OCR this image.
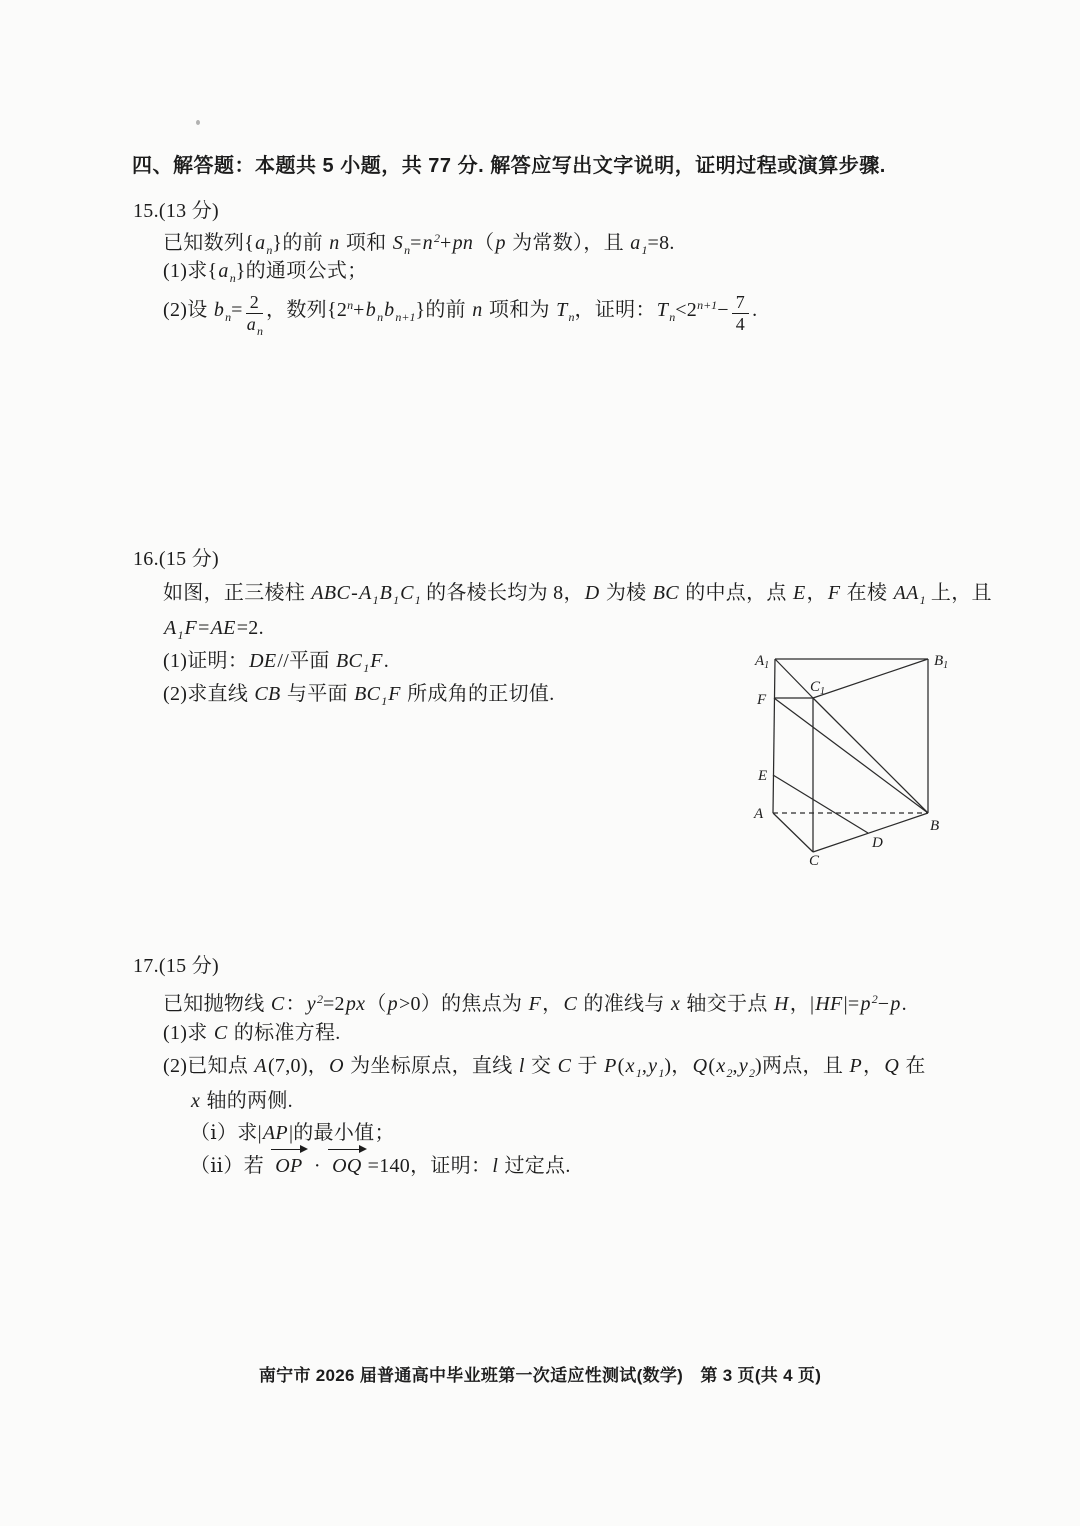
$A_1$	$B_1$
$C_1$
F
E
A
B
D
C
四、解答题：本题共 5 小题，共 77 分. 解答应写出文字说明，证明过程或演算步骤.
15.(13 分)
已知数列$\{a_n\}$的前 n 项和 $S_n=n^2+pn(p$ 为常数），且 $a_1=8$.
(1)求$\{a_n\}$的通项公式；
(2)设 $b_n= \frac{2}{a_n}$ ，数列$\{2^n+b_nb_{n+1}\}$的前 n 项和为 $T_n$，证明：$T_n<2^{n+1}- \frac{7}{4}$ .
16.(15 分)
如图，正三棱柱 ABC-$A_1B_1C_1$ 的各棱长均为 8，D 为棱 BC 的中点，点 E，F 在棱 $AA_1$ 上，且
$A_1F=AE=2$.
(1)证明：DE//平面 $BC_1F$.
(2)求直线 CB 与平面 $BC_1F$ 所成角的正切值.
17.(15 分)
已知抛物线 C：$y^2=2px(p>0)$的焦点为 F，C 的准线与 x 轴交于点 H，$|HF|=p^2-p$.
(1)求 C 的标准方程.
(2)已知点 A(7,0)，O 为坐标原点，直线 l 交 C 于 $P(x_1,y_1)$，$Q(x_2,y_2)$两点，且 P，Q 在
x 轴的两侧.
（ⅰ）求|AP|的最小值；
（ⅱ）若 OP · OQ =140，证明：l 过定点.
南宁市 2026 届普通高中毕业班第一次适应性测试(数学)　第 3 页(共 4 页)
